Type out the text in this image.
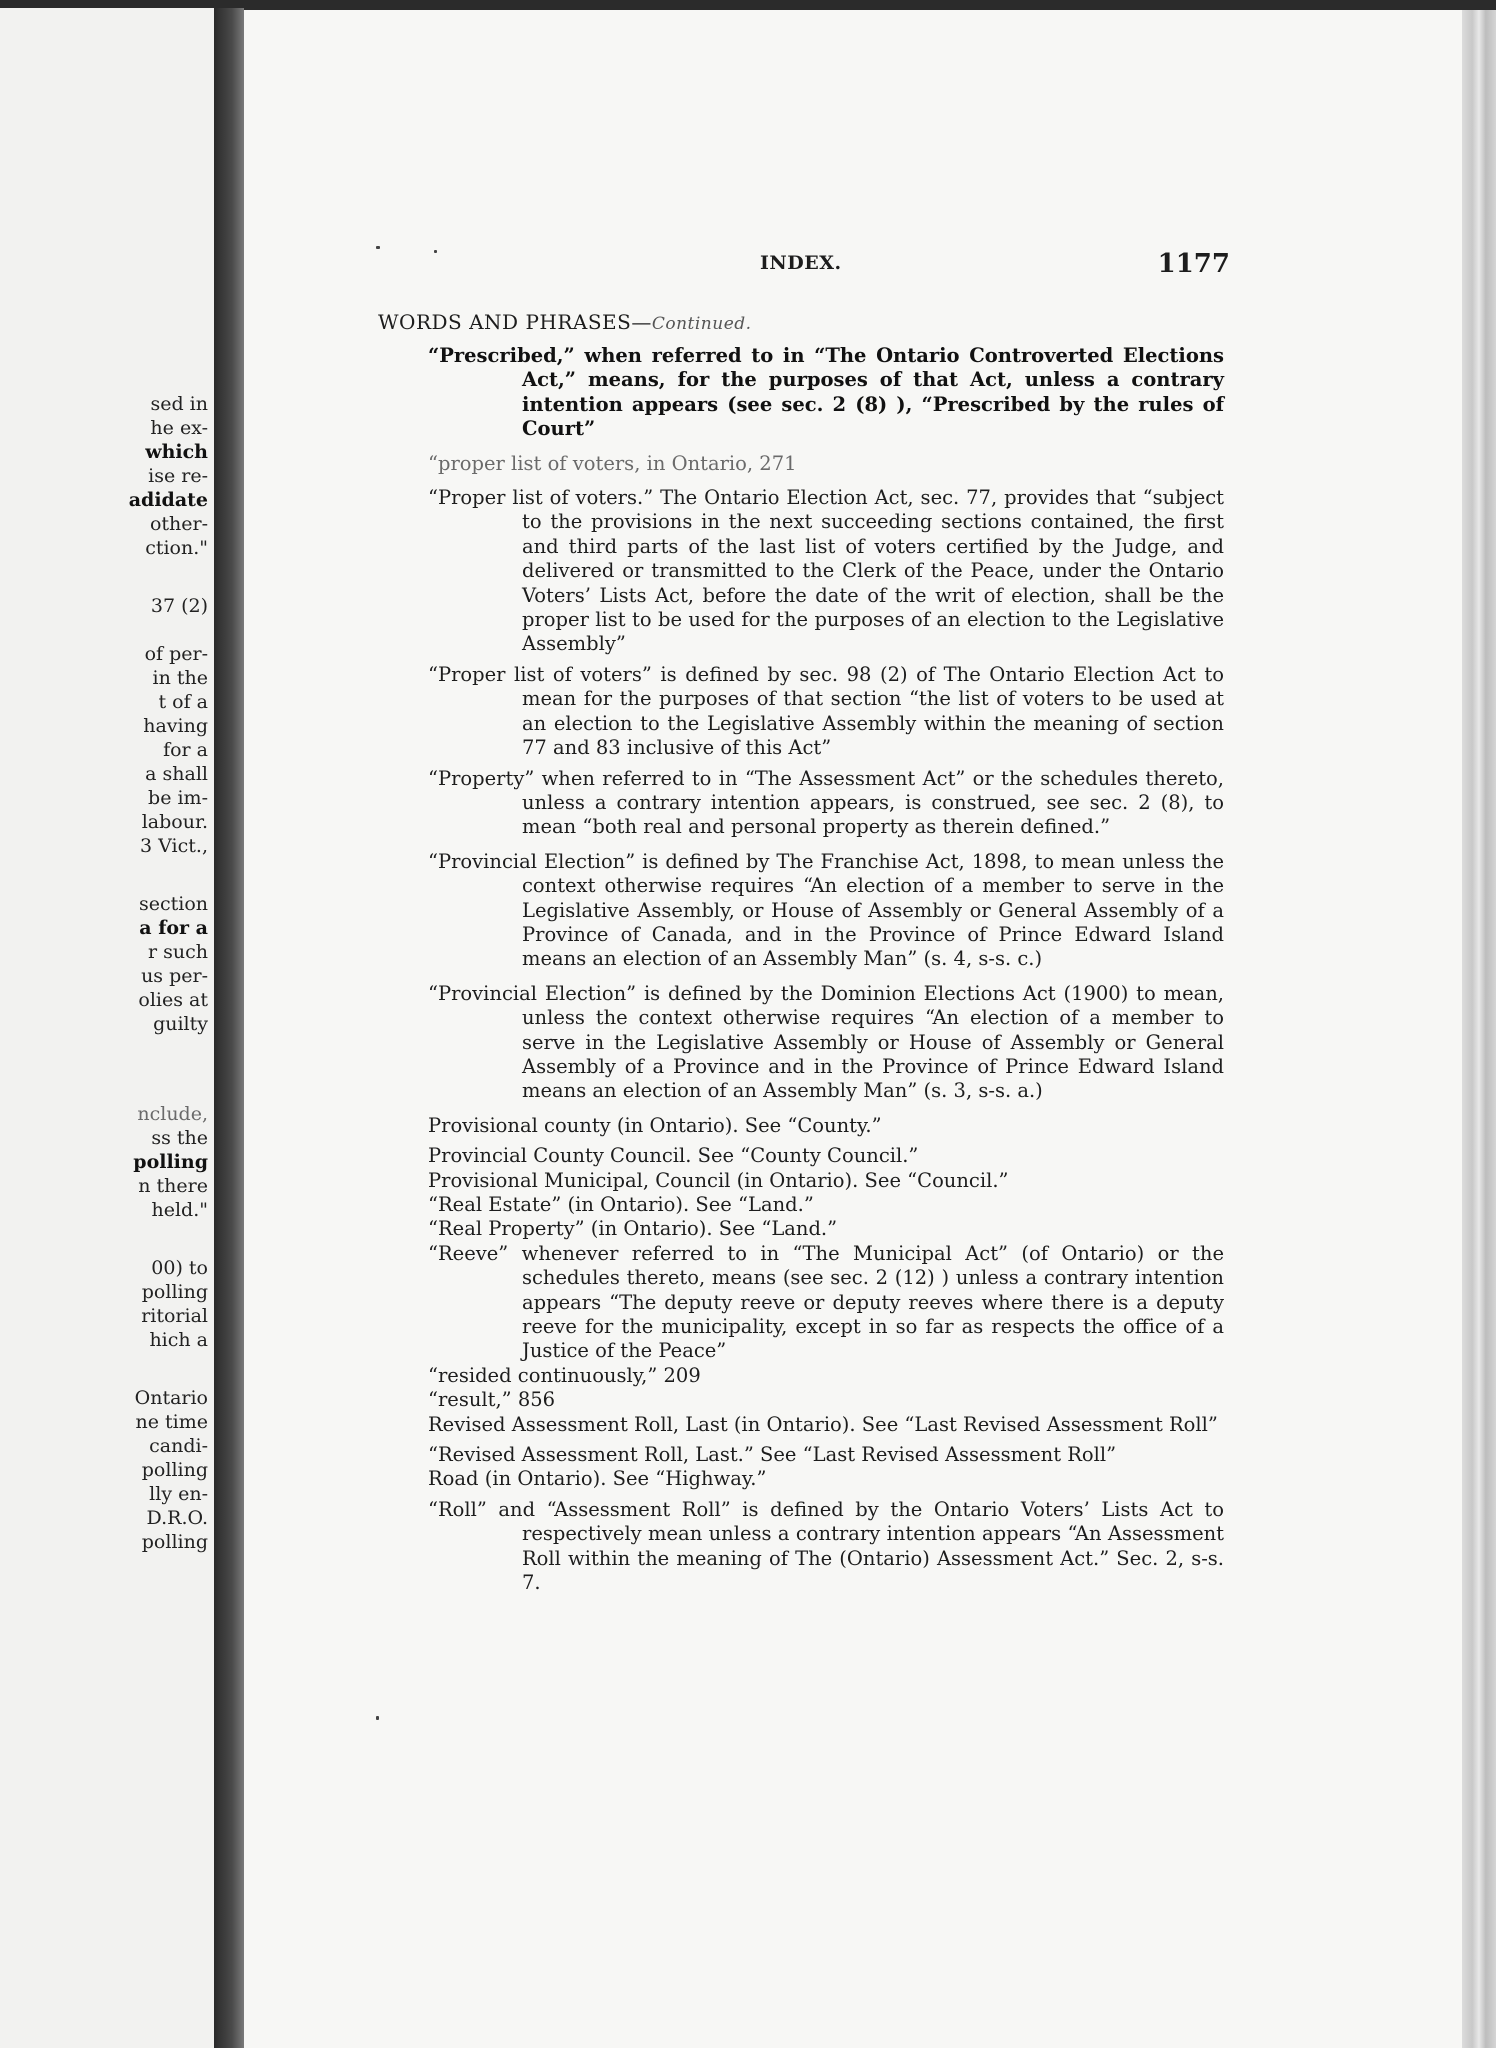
sed in
he ex-
which
ise re-
adidate
other-
ction."
37 (2)
of per-
in the
t of a
having
for a
a shall
be im-
labour.
3 Vict.,
section
a for a
r such
us per-
olies at
guilty
nclude,
ss the
polling
n there
held."
00) to
polling
ritorial
hich a
Ontario
ne time
candi-
polling
lly en-
D.R.O.
polling
INDEX.	1177
WORDS AND PHRASES—Continued.
“Prescribed,” when referred to in “The Ontario Controverted Elections Act,” means, for the purposes of that Act, unless a contrary intention appears (see sec. 2 (8) ), “Prescribed by the rules of Court”
“proper list of voters, in Ontario, 271
“Proper list of voters.” The Ontario Election Act, sec. 77, provides that “subject to the provisions in the next succeeding sections contained, the first and third parts of the last list of voters certified by the Judge, and delivered or transmitted to the Clerk of the Peace, under the Ontario Voters’ Lists Act, before the date of the writ of election, shall be the proper list to be used for the purposes of an election to the Legislative Assembly”
“Proper list of voters” is defined by sec. 98 (2) of The Ontario Election Act to mean for the purposes of that section “the list of voters to be used at an election to the Legislative Assembly within the meaning of section 77 and 83 inclusive of this Act”
“Property” when referred to in “The Assessment Act” or the schedules thereto, unless a contrary intention appears, is construed, see sec. 2 (8), to mean “both real and personal property as therein defined.”
“Provincial Election” is defined by The Franchise Act, 1898, to mean unless the context otherwise requires “An election of a member to serve in the Legislative Assembly, or House of Assembly or General Assembly of a Province of Canada, and in the Province of Prince Edward Island means an election of an Assembly Man” (s. 4, s-s. c.)
“Provincial Election” is defined by the Dominion Elections Act (1900) to mean, unless the context otherwise requires “An election of a member to serve in the Legislative Assembly or House of Assembly or General Assembly of a Province and in the Province of Prince Edward Island means an election of an Assembly Man” (s. 3, s-s. a.)
Provisional county (in Ontario). See “County.”
Provincial County Council. See “County Council.”
Provisional Municipal, Council (in Ontario). See “Council.”
“Real Estate” (in Ontario). See “Land.”
“Real Property” (in Ontario). See “Land.”
“Reeve” whenever referred to in “The Municipal Act” (of Ontario) or the schedules thereto, means (see sec. 2 (12) ) unless a contrary intention appears “The deputy reeve or deputy reeves where there is a deputy reeve for the municipality, except in so far as respects the office of a Justice of the Peace”
“resided continuously,” 209
“result,” 856
Revised Assessment Roll, Last (in Ontario). See “Last Revised Assessment Roll”
“Revised Assessment Roll, Last.” See “Last Revised Assessment Roll”
Road (in Ontario). See “Highway.”
“Roll” and “Assessment Roll” is defined by the Ontario Voters’ Lists Act to respectively mean unless a contrary intention appears “An Assessment Roll within the meaning of The (Ontario) Assessment Act.” Sec. 2, s-s. 7.
